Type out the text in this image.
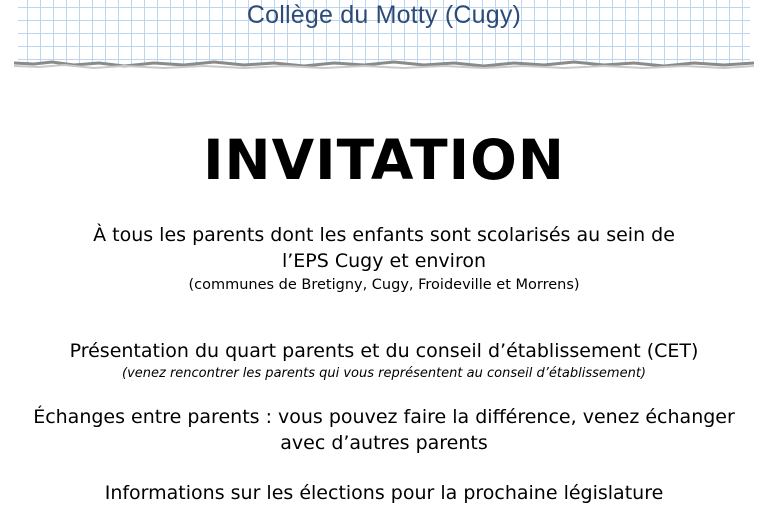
Collège du Motty (Cugy)
INVITATION
À tous les parents dont les enfants sont scolarisés au sein de
l’EPS Cugy et environ
(communes de Bretigny, Cugy, Froideville et Morrens)
Présentation du quart parents et du conseil d’établissement (CET)
(venez rencontrer les parents qui vous représentent au conseil d’établissement)
Échanges entre parents : vous pouvez faire la différence, venez échanger
avec d’autres parents
Informations sur les élections pour la prochaine législature
